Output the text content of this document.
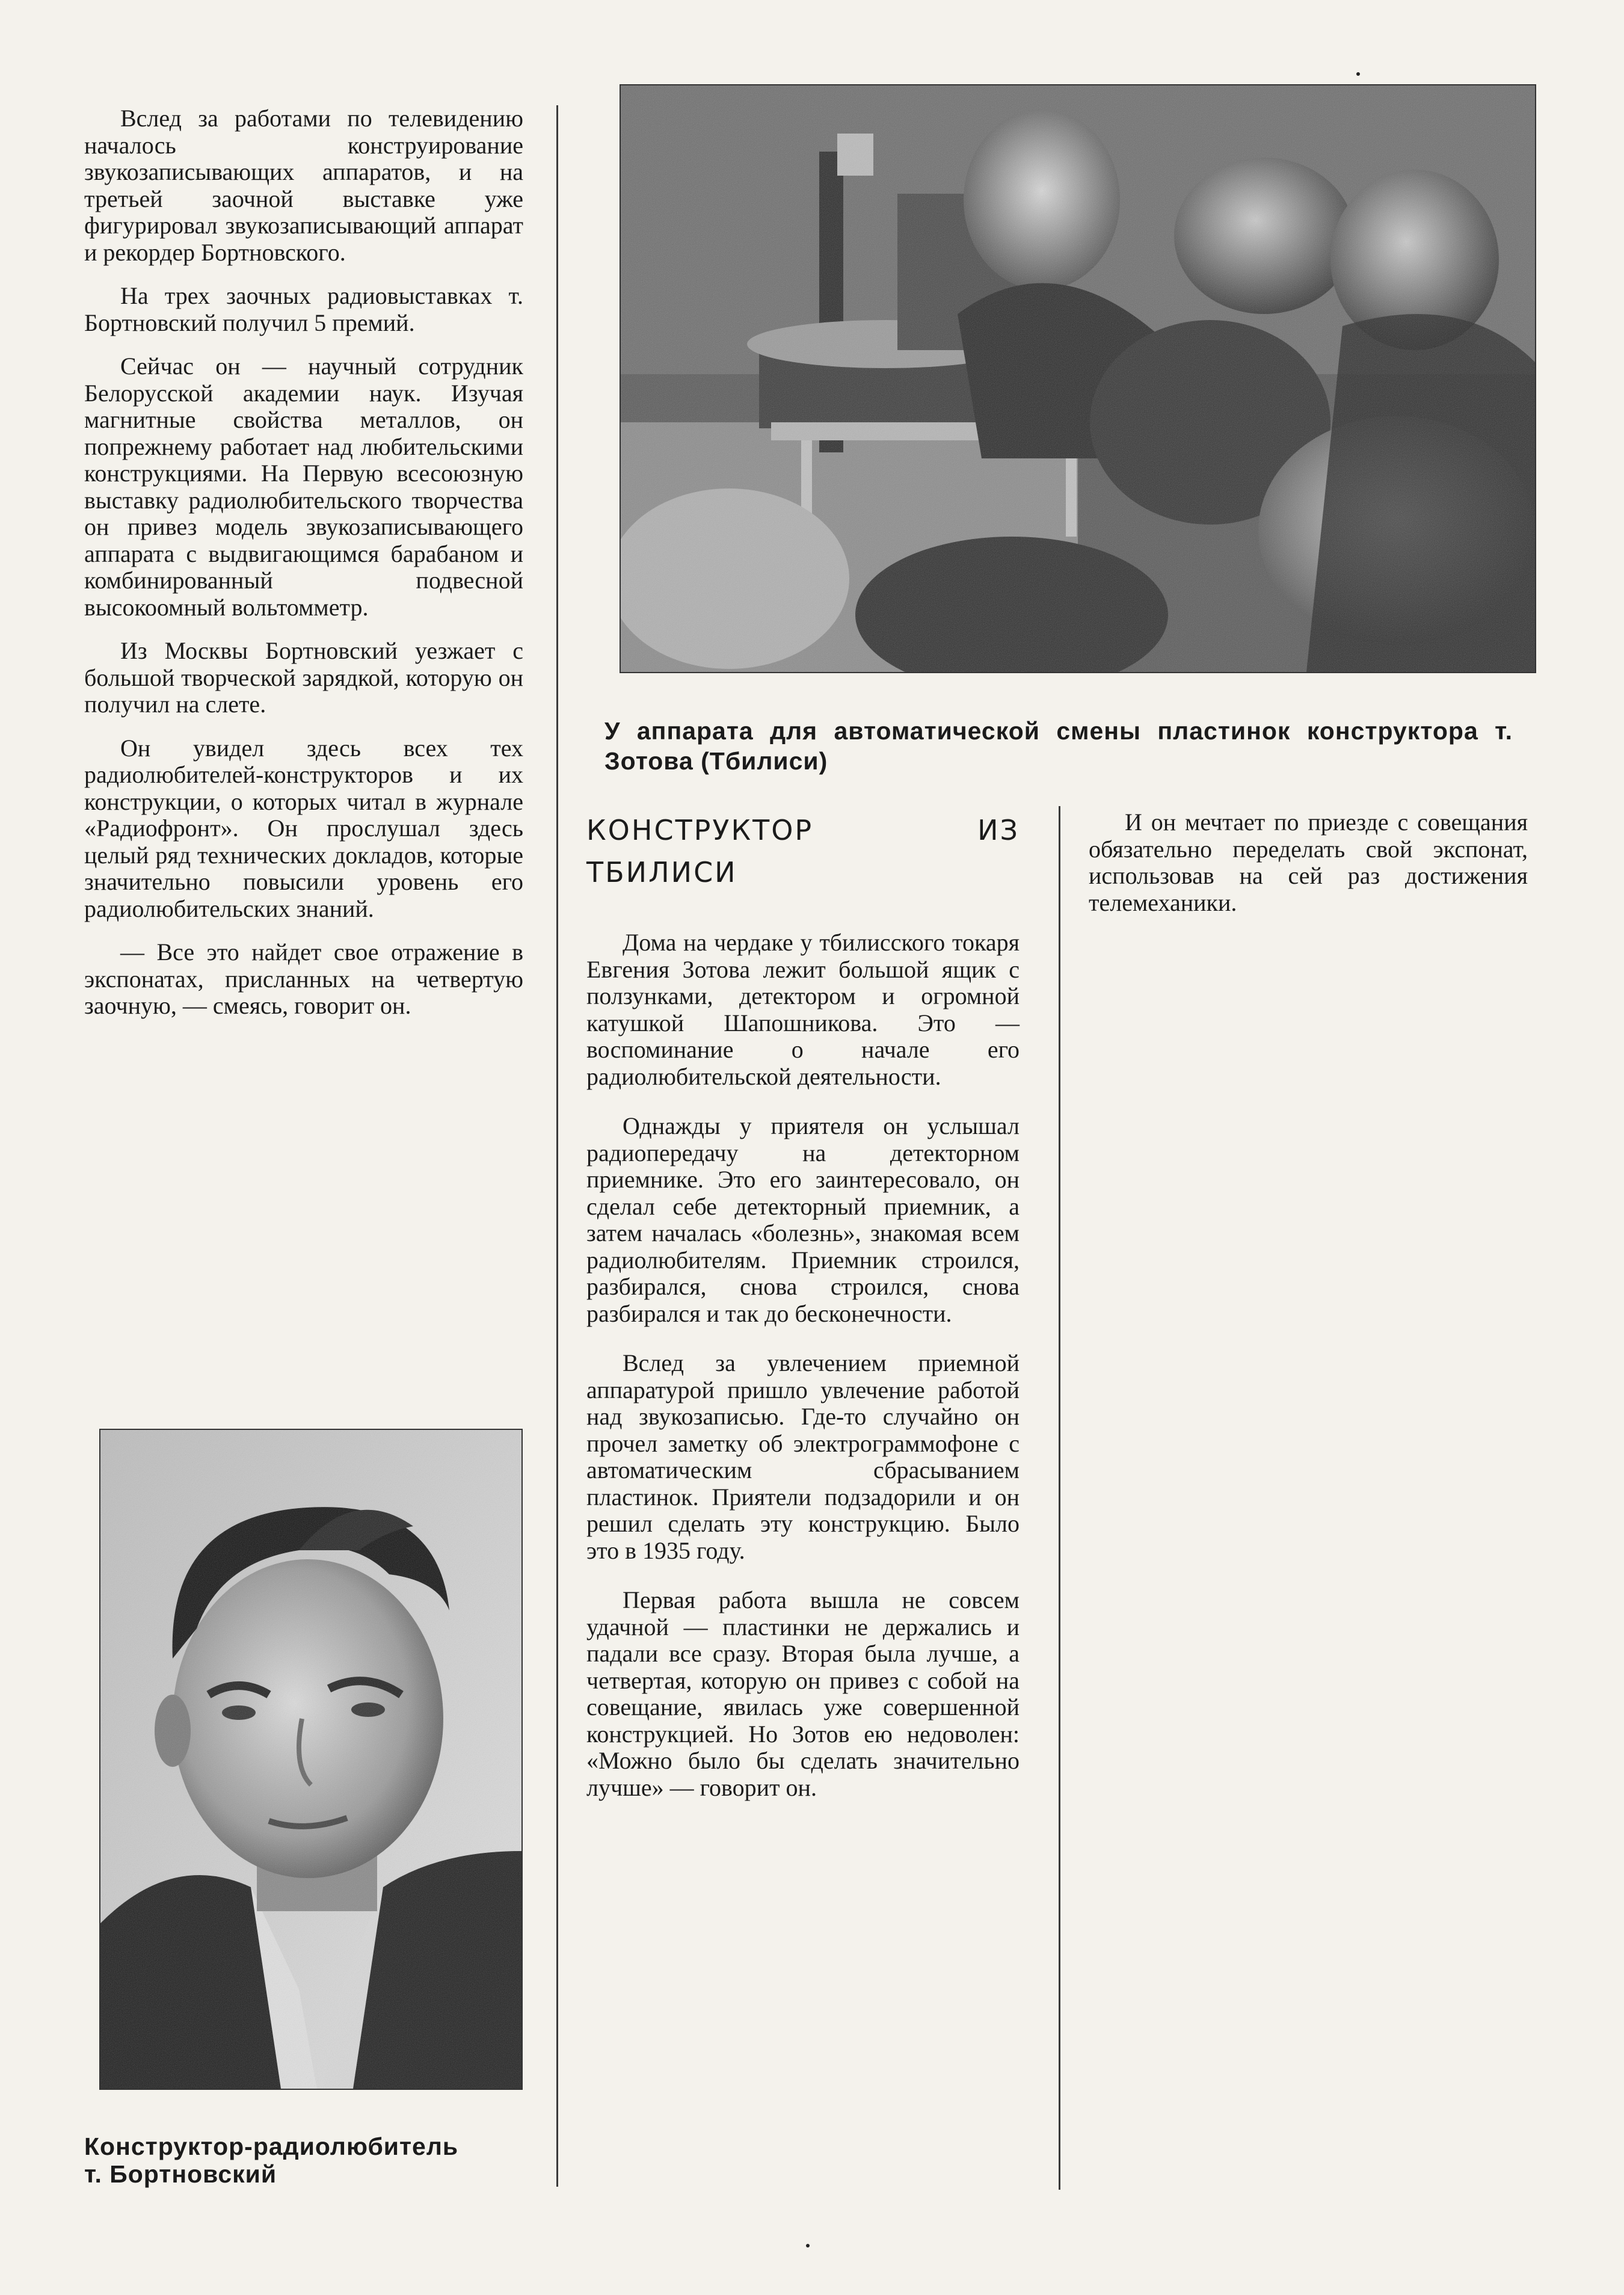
Вслед за работами по телевидению началось конструирование звукозаписывающих аппаратов, и на третьей заочной выставке уже фигурировал звукозаписывающий аппарат и рекордер Бортновского.

На трех заочных радиовыставках т. Бортновский получил 5 премий.

Сейчас он — научный сотрудник Белорусской академии наук. Изучая магнитные свойства металлов, он попрежнему работает над любительскими конструкциями. На Первую всесоюзную выставку радиолюбительского творчества он привез модель звукозаписывающего аппарата с выдвигающимся барабаном и комбинированный подвесной высокоомный вольтомметр.

Из Москвы Бортновский уезжает с большой творческой зарядкой, которую он получил на слете.

Он увидел здесь всех тех радиолюбителей-конструкторов и их конструкции, о которых читал в журнале «Радиофронт». Он прослушал здесь целый ряд технических докладов, которые значительно повысили уровень его радиолюбительских знаний.

— Все это найдет свое отражение в экспонатах, присланных на четвертую заочную, — смеясь, говорит он.

У аппарата для автоматической смены пластинок конструктора т. Зотова (Тбилиси)
КОНСТРУКТОР ИЗ ТБИЛИСИ

Дома на чердаке у тбилисского токаря Евгения Зотова лежит большой ящик с ползунками, детектором и огромной катушкой Шапошникова. Это — воспоминание о начале его радиолюбительской деятельности.

Однажды у приятеля он услышал радиопередачу на детекторном приемнике. Это его заинтересовало, он сделал себе детекторный приемник, а затем началась «болезнь», знакомая всем радиолюбителям. Приемник строился, разбирался, снова строился, снова разбирался и так до бесконечности.

Вслед за увлечением приемной аппаратурой пришло увлечение работой над звукозаписью. Где-то случайно он прочел заметку об электрограммофоне с автоматическим сбрасыванием пластинок. Приятели подзадорили и он решил сделать эту конструкцию. Было это в 1935 году.

Первая работа вышла не совсем удачной — пластинки не держались и падали все сразу. Вторая была лучше, а четвертая, которую он привез с собой на совещание, явилась уже совершенной конструкцией. Но Зотов ею недоволен: «Можно было бы сделать значительно лучше» — говорит он.

И он мечтает по приезде с совещания обязательно переделать свой экспонат, использовав на сей раз достижения телемеханики.

Конструктор-радиолюбитель
т. Бортновский
